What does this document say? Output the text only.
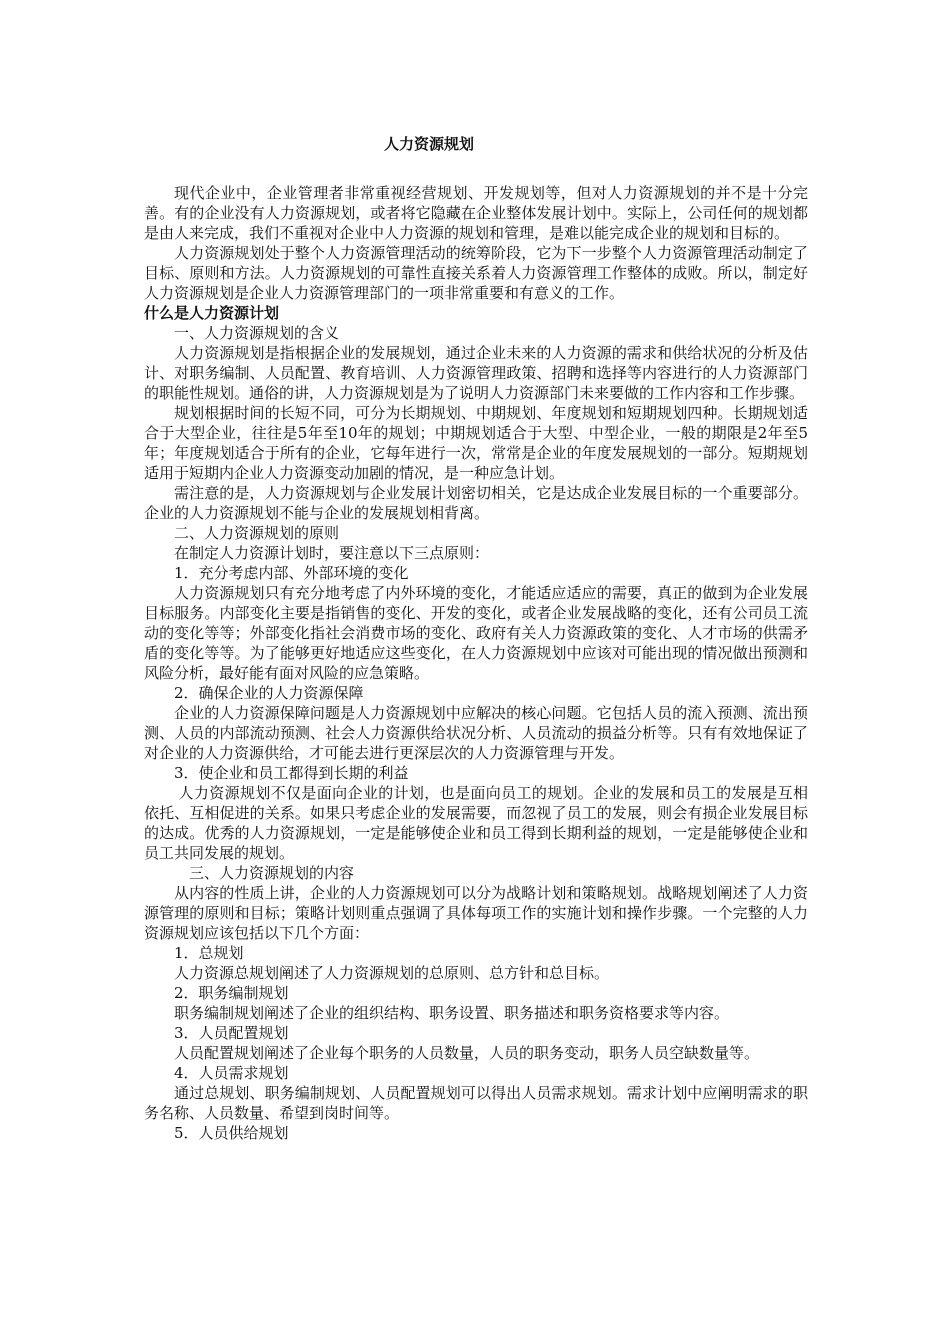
人力资源规划

现代企业中，企业管理者非常重视经营规划、开发规划等，但对人力资源规划的并不是十分完善。有的企业没有人力资源规划，或者将它隐藏在企业整体发展计划中。实际上，公司任何的规划都是由人来完成，我们不重视对企业中人力资源的规划和管理，是难以能完成企业的规划和目标的。

人力资源规划处于整个人力资源管理活动的统筹阶段，它为下一步整个人力资源管理活动制定了目标、原则和方法。人力资源规划的可靠性直接关系着人力资源管理工作整体的成败。所以，制定好人力资源规划是企业人力资源管理部门的一项非常重要和有意义的工作。

什么是人力资源计划

一、人力资源规划的含义

人力资源规划是指根据企业的发展规划，通过企业未来的人力资源的需求和供给状况的分析及估计、对职务编制、人员配置、教育培训、人力资源管理政策、招聘和选择等内容进行的人力资源部门的职能性规划。通俗的讲，人力资源规划是为了说明人力资源部门未来要做的工作内容和工作步骤。

规划根据时间的长短不同，可分为长期规划、中期规划、年度规划和短期规划四种。长期规划适合于大型企业，往往是5年至10年的规划；中期规划适合于大型、中型企业，一般的期限是2年至5年；年度规划适合于所有的企业，它每年进行一次，常常是企业的年度发展规划的一部分。短期规划适用于短期内企业人力资源变动加剧的情况，是一种应急计划。

需注意的是，人力资源规划与企业发展计划密切相关，它是达成企业发展目标的一个重要部分。企业的人力资源规划不能与企业的发展规划相背离。

二、人力资源规划的原则

在制定人力资源计划时，要注意以下三点原则：

1．充分考虑内部、外部环境的变化

人力资源规划只有充分地考虑了内外环境的变化，才能适应适应的需要，真正的做到为企业发展目标服务。内部变化主要是指销售的变化、开发的变化，或者企业发展战略的变化，还有公司员工流动的变化等等；外部变化指社会消费市场的变化、政府有关人力资源政策的变化、人才市场的供需矛盾的变化等等。为了能够更好地适应这些变化，在人力资源规划中应该对可能出现的情况做出预测和风险分析，最好能有面对风险的应急策略。

2．确保企业的人力资源保障

企业的人力资源保障问题是人力资源规划中应解决的核心问题。它包括人员的流入预测、流出预测、人员的内部流动预测、社会人力资源供给状况分析、人员流动的损益分析等。只有有效地保证了对企业的人力资源供给，才可能去进行更深层次的人力资源管理与开发。

3．使企业和员工都得到长期的利益

人力资源规划不仅是面向企业的计划，也是面向员工的规划。企业的发展和员工的发展是互相依托、互相促进的关系。如果只考虑企业的发展需要，而忽视了员工的发展，则会有损企业发展目标的达成。优秀的人力资源规划，一定是能够使企业和员工得到长期利益的规划，一定是能够使企业和员工共同发展的规划。

三、人力资源规划的内容

从内容的性质上讲，企业的人力资源规划可以分为战略计划和策略规划。战略规划阐述了人力资源管理的原则和目标；策略计划则重点强调了具体每项工作的实施计划和操作步骤。一个完整的人力资源规划应该包括以下几个方面：

1．总规划

人力资源总规划阐述了人力资源规划的总原则、总方针和总目标。

2．职务编制规划

职务编制规划阐述了企业的组织结构、职务设置、职务描述和职务资格要求等内容。

3．人员配置规划

人员配置规划阐述了企业每个职务的人员数量，人员的职务变动，职务人员空缺数量等。

4．人员需求规划

通过总规划、职务编制规划、人员配置规划可以得出人员需求规划。需求计划中应阐明需求的职务名称、人员数量、希望到岗时间等。

5．人员供给规划
